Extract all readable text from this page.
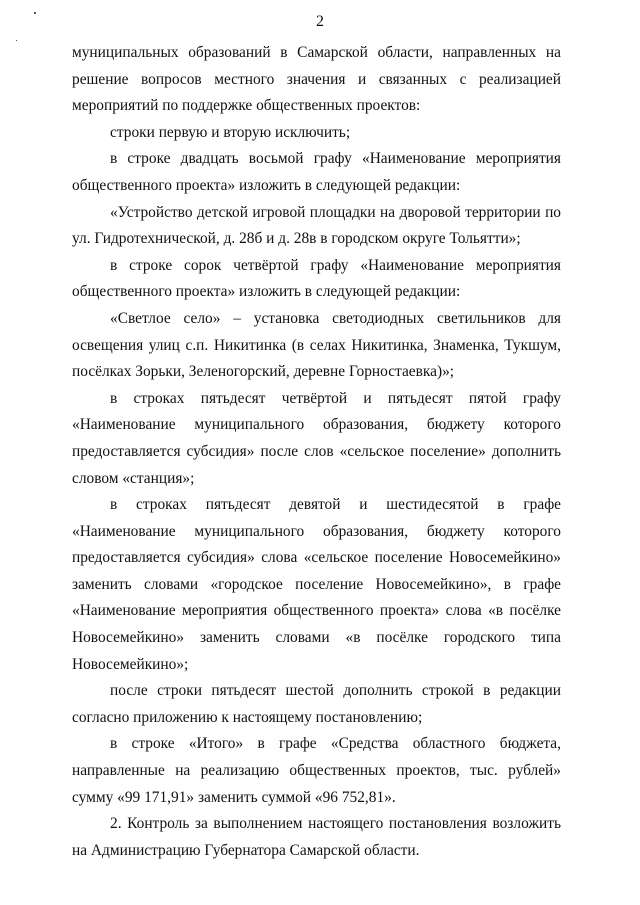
2

муниципальных образований в Самарской области, направленных на решение вопросов местного значения и связанных с реализацией мероприятий по поддержке общественных проектов:

строки первую и вторую исключить;

в строке двадцать восьмой графу «Наименование мероприятия общественного проекта» изложить в следующей редакции:

«Устройство детской игровой площадки на дворовой территории по ул. Гидротехнической, д. 28б и д. 28в в городском округе Тольятти»;

в строке сорок четвёртой графу «Наименование мероприятия общественного проекта» изложить в следующей редакции:

«Светлое село» – установка светодиодных светильников для освещения улиц с.п. Никитинка (в селах Никитинка, Знаменка, Тукшум, посёлках Зорьки, Зеленогорский, деревне Горностаевка)»;

в строках пятьдесят четвёртой и пятьдесят пятой графу «Наименование муниципального образования, бюджету которого предоставляется субсидия» после слов «сельское поселение» дополнить словом «станция»;

в строках пятьдесят девятой и шестидесятой в графе «Наименование муниципального образования, бюджету которого предоставляется субсидия» слова «сельское поселение Новосемейкино» заменить словами «городское поселение Новосемейкино», в графе «Наименование мероприятия общественного проекта» слова «в посёлке Новосемейкино» заменить словами «в посёлке городского типа Новосемейкино»;

после строки пятьдесят шестой дополнить строкой в редакции согласно приложению к настоящему постановлению;

в строке «Итого» в графе «Средства областного бюджета, направленные на реализацию общественных проектов, тыс. рублей» сумму «99 171,91» заменить суммой «96 752,81».

2. Контроль за выполнением настоящего постановления возложить на Администрацию Губернатора Самарской области.
